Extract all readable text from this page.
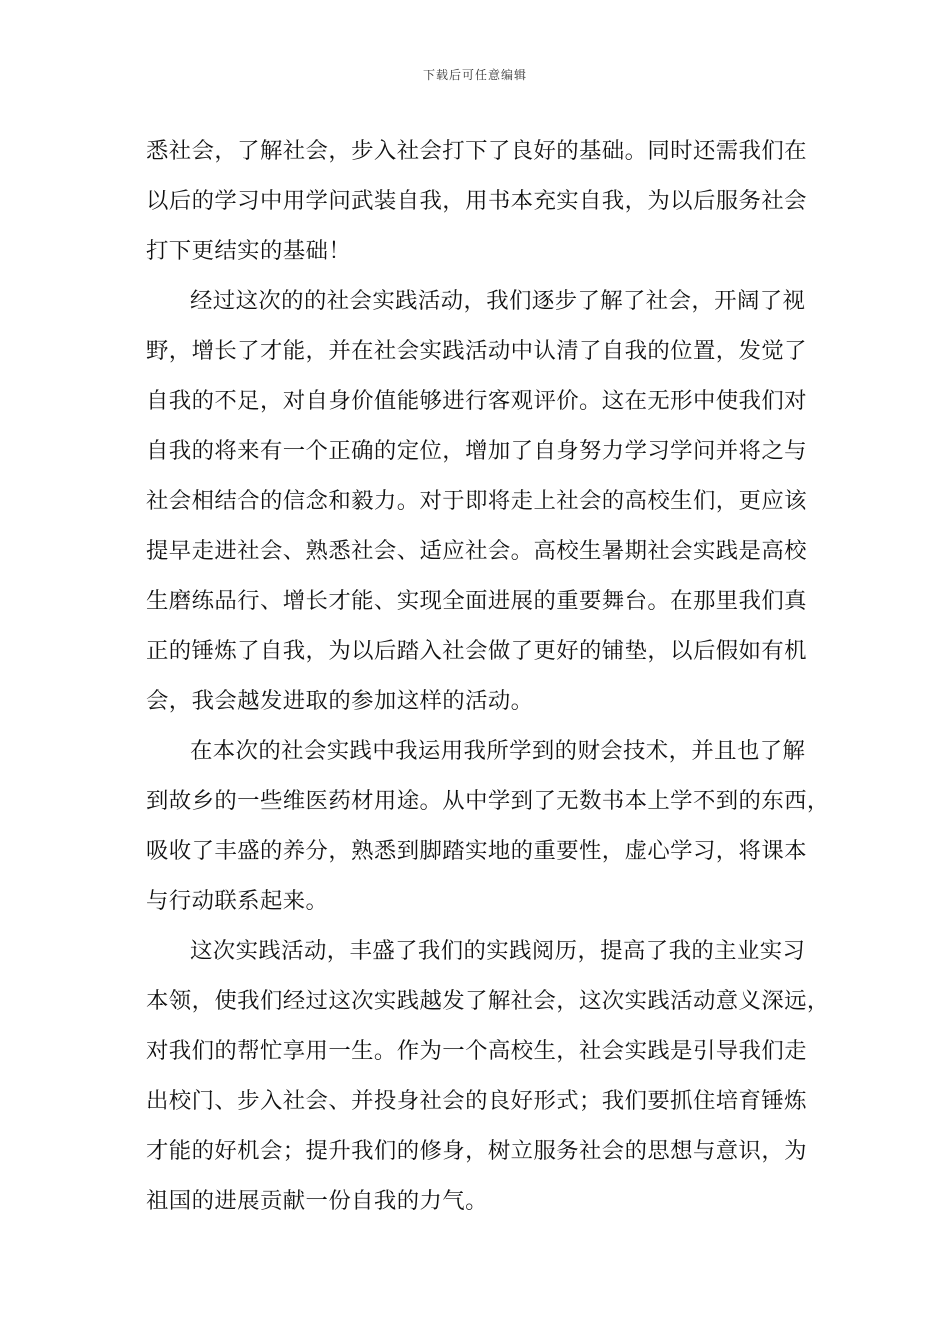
下载后可任意编辑
悉社会，了解社会，步入社会打下了良好的基础。同时还需我们在
以后的学习中用学问武装自我，用书本充实自我，为以后服务社会
打下更结实的基础！
经过这次的的社会实践活动，我们逐步了解了社会，开阔了视
野，增长了才能，并在社会实践活动中认清了自我的位置，发觉了
自我的不足，对自身价值能够进行客观评价。这在无形中使我们对
自我的将来有一个正确的定位，增加了自身努力学习学问并将之与
社会相结合的信念和毅力。对于即将走上社会的高校生们，更应该
提早走进社会、熟悉社会、适应社会。高校生暑期社会实践是高校
生磨练品行、增长才能、实现全面进展的重要舞台。在那里我们真
正的锤炼了自我，为以后踏入社会做了更好的铺垫，以后假如有机
会，我会越发进取的参加这样的活动。
在本次的社会实践中我运用我所学到的财会技术，并且也了解
到故乡的一些维医药材用途。从中学到了无数书本上学不到的东西，
吸收了丰盛的养分，熟悉到脚踏实地的重要性，虚心学习，将课本
与行动联系起来。
这次实践活动，丰盛了我们的实践阅历，提高了我的主业实习
本领，使我们经过这次实践越发了解社会，这次实践活动意义深远，
对我们的帮忙享用一生。作为一个高校生，社会实践是引导我们走
出校门、步入社会、并投身社会的良好形式；我们要抓住培育锤炼
才能的好机会；提升我们的修身，树立服务社会的思想与意识，为
祖国的进展贡献一份自我的力气。
